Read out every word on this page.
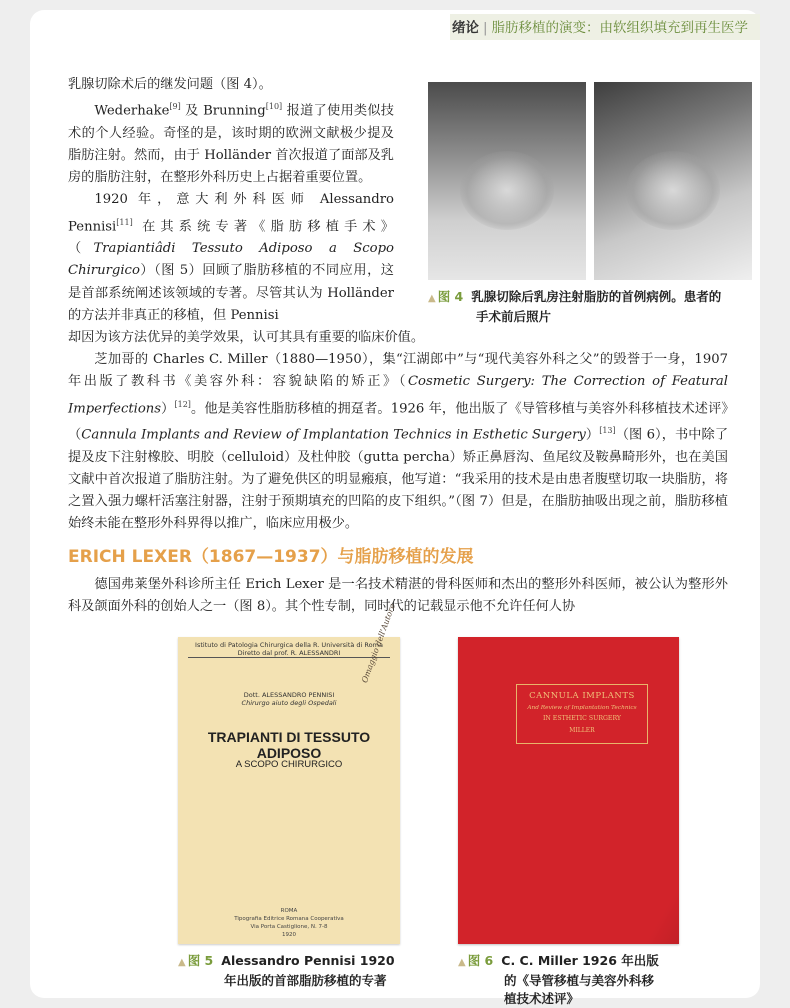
绪论 | 脂肪移植的演变：由软组织填充到再生医学
▲ 图 4 乳腺切除后乳房注射脂肪的首例病例。患者的
手术前后照片

乳腺切除术后的继发问题（图 4）。

Wederhake[9] 及 Brunning[10] 报道了使用类似技术的个人经验。奇怪的是，该时期的欧洲文献极少提及脂肪注射。然而，由于 Holländer 首次报道了面部及乳房的脂肪注射，在整形外科历史上占据着重要位置。

1920 年，意大利外科医师 Alessandro Pennisi[11] 在其系统专著《脂肪移植手术》（Trapiantiâdi Tessuto Adiposo a Scopo Chirurgico）（图 5）回顾了脂肪移植的不同应用，这是首部系统阐述该领域的专著。尽管其认为 Holländer 的方法并非真正的移植，但 Pennisi

却因为该方法优异的美学效果，认可其具有重要的临床价值。

芝加哥的 Charles C. Miller（1880—1950），集“江湖郎中”与“现代美容外科之父”的毁誉于一身，1907 年出版了教科书《美容外科：容貌缺陷的矫正》（Cosmetic Surgery: The Correction of Featural Imperfections）[12]。他是美容性脂肪移植的拥趸者。1926 年，他出版了《导管移植与美容外科移植技术述评》（Cannula Implants and Review of Implantation Technics in Esthetic Surgery）[13]（图 6），书中除了提及皮下注射橡胶、明胶（celluloid）及杜仲胶（gutta percha）矫正鼻唇沟、鱼尾纹及鞍鼻畸形外，也在美国文献中首次报道了脂肪注射。为了避免供区的明显瘢痕，他写道：“我采用的技术是由患者腹壁切取一块脂肪，将之置入强力螺杆活塞注射器，注射于预期填充的凹陷的皮下组织。”（图 7）但是，在脂肪抽吸出现之前，脂肪移植始终未能在整形外科界得以推广，临床应用极少。

ERICH LEXER（1867—1937）与脂肪移植的发展

德国弗莱堡外科诊所主任 Erich Lexer 是一名技术精湛的骨科医师和杰出的整形外科医师，被公认为整形外科及颌面外科的创始人之一（图 8）。其个性专制，同时代的记载显示他不允许任何人协

Istituto di Patologia Chirurgica della R. Università di Roma
Diretto dal prof. R. ALESSANDRI
Dott. ALESSANDRO PENNISI
Chirurgo aiuto degli Ospedali
TRAPIANTI DI TESSUTO ADIPOSO
A SCOPO CHIRURGICO
Omaggio dell'Autore
ROMA
Tipografia Editrice Romana Cooperativa
Via Porta Castiglione, N. 7-8
1920
▲ 图 5 Alessandro Pennisi 1920
年出版的首部脂肪移植的专著
CANNULA IMPLANTS
And Review of Implantation Technics
IN ESTHETIC SURGERY
MILLER
▲ 图 6 C. C. Miller 1926 年出版
的《导管移植与美容外科移
植技术述评》
